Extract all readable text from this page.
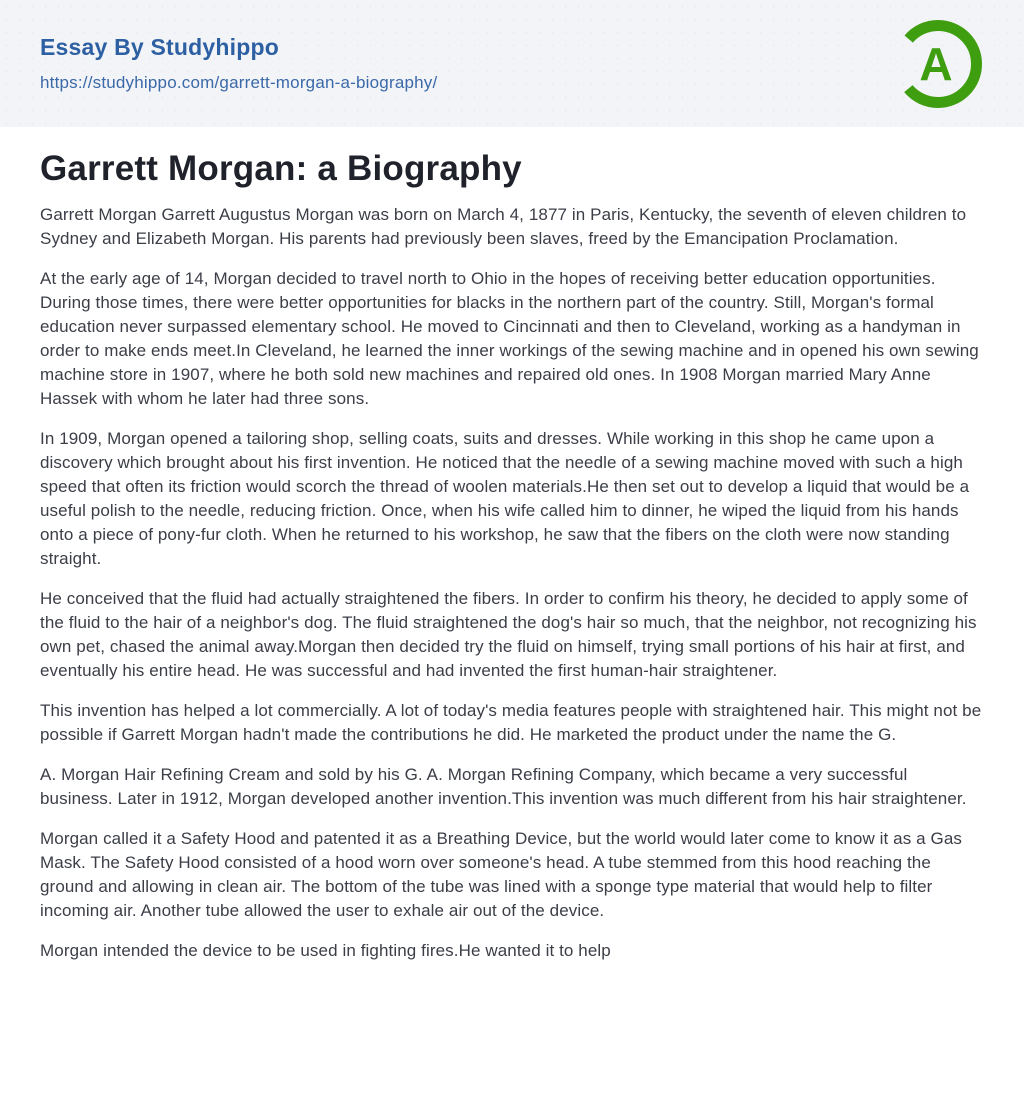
Essay By Studyhippo
https://studyhippo.com/garrett-morgan-a-biography/	A
Garrett Morgan: a Biography

Garrett Morgan Garrett Augustus Morgan was born on March 4, 1877 in Paris, Kentucky, the seventh of eleven children to Sydney and Elizabeth Morgan. His parents had previously been slaves, freed by the Emancipation Proclamation.

At the early age of 14, Morgan decided to travel north to Ohio in the hopes of receiving better education opportunities. During those times, there were better opportunities for blacks in the northern part of the country. Still, Morgan's formal education never surpassed elementary school. He moved to Cincinnati and then to Cleveland, working as a handyman in order to make ends meet.In Cleveland, he learned the inner workings of the sewing machine and in opened his own sewing machine store in 1907, where he both sold new machines and repaired old ones. In 1908 Morgan married Mary Anne Hassek with whom he later had three sons.

In 1909, Morgan opened a tailoring shop, selling coats, suits and dresses. While working in this shop he came upon a discovery which brought about his first invention. He noticed that the needle of a sewing machine moved with such a high speed that often its friction would scorch the thread of woolen materials.He then set out to develop a liquid that would be a useful polish to the needle, reducing friction. Once, when his wife called him to dinner, he wiped the liquid from his hands onto a piece of pony-fur cloth. When he returned to his workshop, he saw that the fibers on the cloth were now standing straight.

He conceived that the fluid had actually straightened the fibers. In order to confirm his theory, he decided to apply some of the fluid to the hair of a neighbor's dog. The fluid straightened the dog's hair so much, that the neighbor, not recognizing his own pet, chased the animal away.Morgan then decided try the fluid on himself, trying small portions of his hair at first, and eventually his entire head. He was successful and had invented the first human-hair straightener.

This invention has helped a lot commercially. A lot of today's media features people with straightened hair. This might not be possible if Garrett Morgan hadn't made the contributions he did. He marketed the product under the name the G.

A. Morgan Hair Refining Cream and sold by his G. A. Morgan Refining Company, which became a very successful business. Later in 1912, Morgan developed another invention.This invention was much different from his hair straightener.

Morgan called it a Safety Hood and patented it as a Breathing Device, but the world would later come to know it as a Gas Mask. The Safety Hood consisted of a hood worn over someone's head. A tube stemmed from this hood reaching the ground and allowing in clean air. The bottom of the tube was lined with a sponge type material that would help to filter incoming air. Another tube allowed the user to exhale air out of the device.

Morgan intended the device to be used in fighting fires.He wanted it to help
